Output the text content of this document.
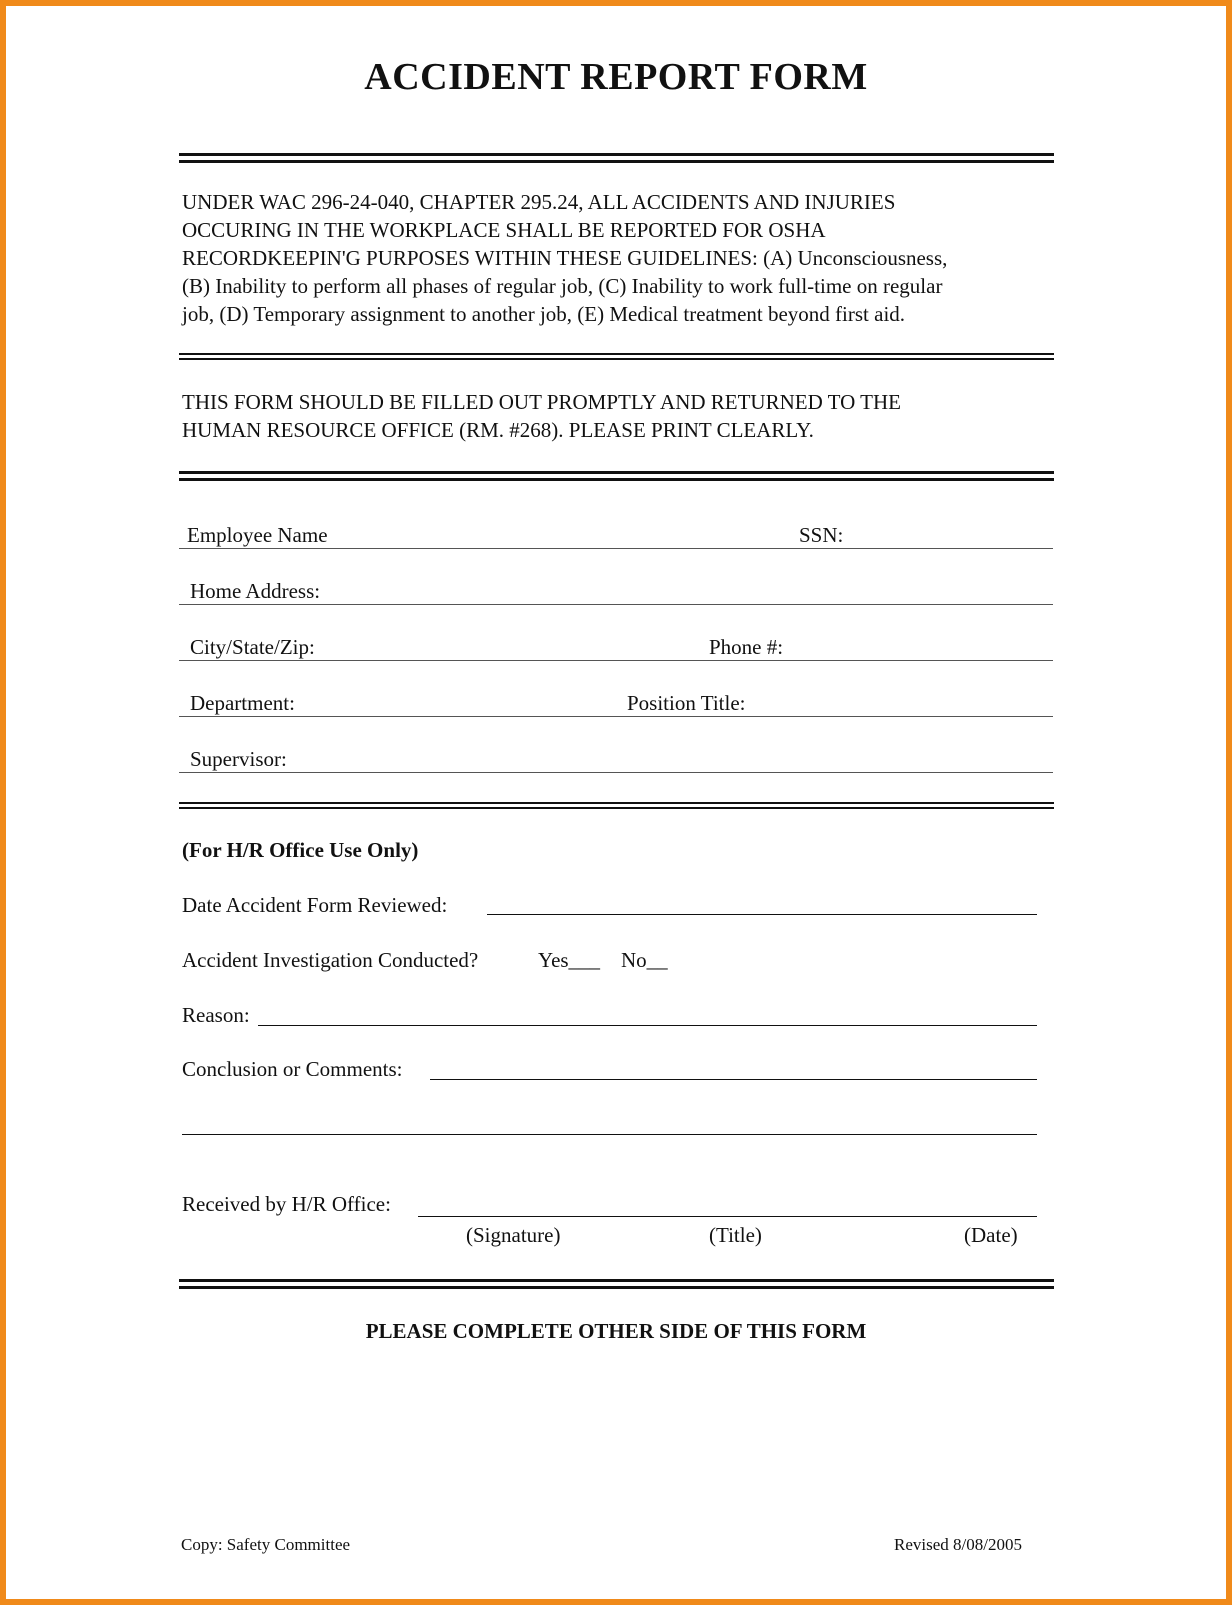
ACCIDENT REPORT FORM
UNDER WAC 296-24-040, CHAPTER 295.24, ALL ACCIDENTS AND INJURIES
OCCURING IN THE WORKPLACE SHALL BE REPORTED FOR OSHA
RECORDKEEPIN'G PURPOSES WITHIN THESE GUIDELINES: (A) Unconsciousness,
(B) Inability to perform all phases of regular job, (C) Inability to work full-time on regular
job, (D) Temporary assignment to another job, (E) Medical treatment beyond first aid.
THIS FORM SHOULD BE FILLED OUT PROMPTLY AND RETURNED TO THE
HUMAN RESOURCE OFFICE (RM. #268). PLEASE PRINT CLEARLY.
Employee Name	SSN:
Home Address:
City/State/Zip:	Phone #:
Department:	Position Title:
Supervisor:
(For H/R Office Use Only)
Date Accident Form Reviewed:
Accident Investigation Conducted?	Yes___ No__
Reason:
Conclusion or Comments:
Received by H/R Office:
(Signature)	(Title)	(Date)
PLEASE COMPLETE OTHER SIDE OF THIS FORM
Copy: Safety Committee	Revised 8/08/2005
